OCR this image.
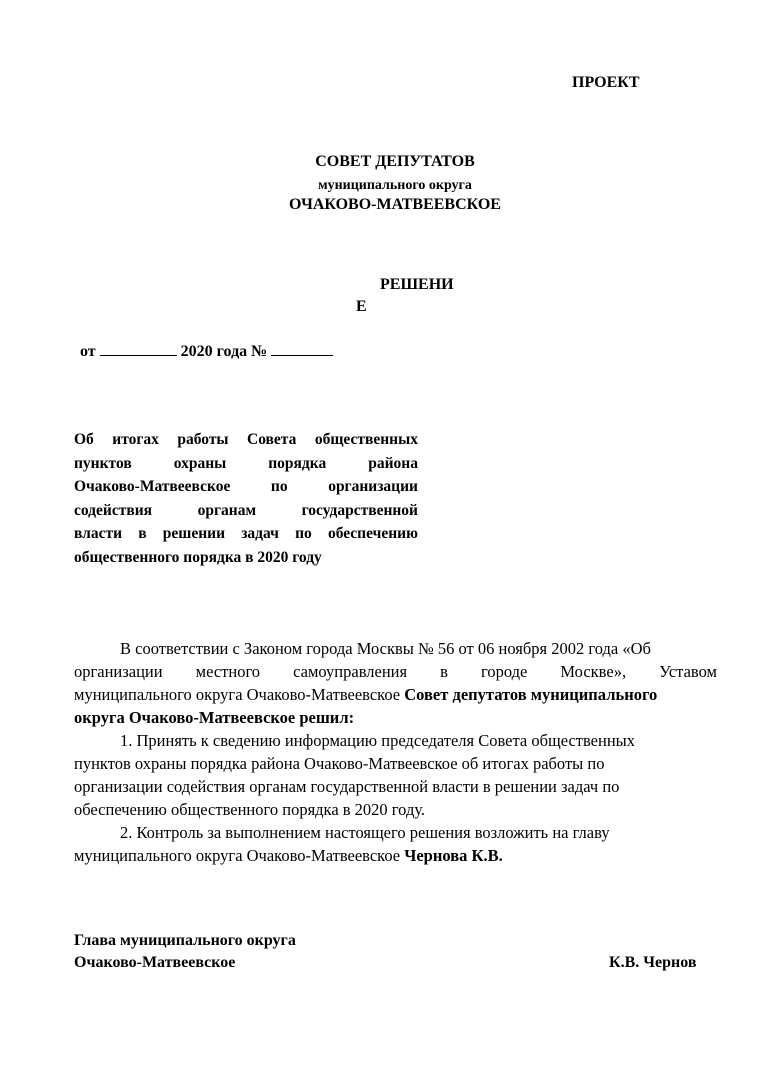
ПРОЕКТ
СОВЕТ ДЕПУТАТОВ
муниципального округа
ОЧАКОВО-МАТВЕЕВСКОЕ
РЕШЕНИ
Е
от	2020 года №
Об итогах работы Совета общественных
пунктов	охраны	порядка	района
Очаково-Матвеевское	по	организации
содействия	органам	государственной
власти в решении задач по обеспечению
общественного порядка в 2020 году
В соответствии с Законом города Москвы № 56 от 06 ноября 2002 года «Об
организации местного самоуправления в городе Москве», Уставом
муниципального округа Очаково-Матвеевское Совет депутатов муниципального
округа Очаково-Матвеевское решил:
1. Принять к сведению информацию председателя Совета общественных
пунктов охраны порядка района Очаково-Матвеевское об итогах работы по
организации содействия органам государственной власти в решении задач по
обеспечению общественного порядка в 2020 году.
2. Контроль за выполнением настоящего решения возложить на главу
муниципального округа Очаково-Матвеевское Чернова К.В.
Глава муниципального округа
Очаково-Матвеевское	К.В. Чернов
